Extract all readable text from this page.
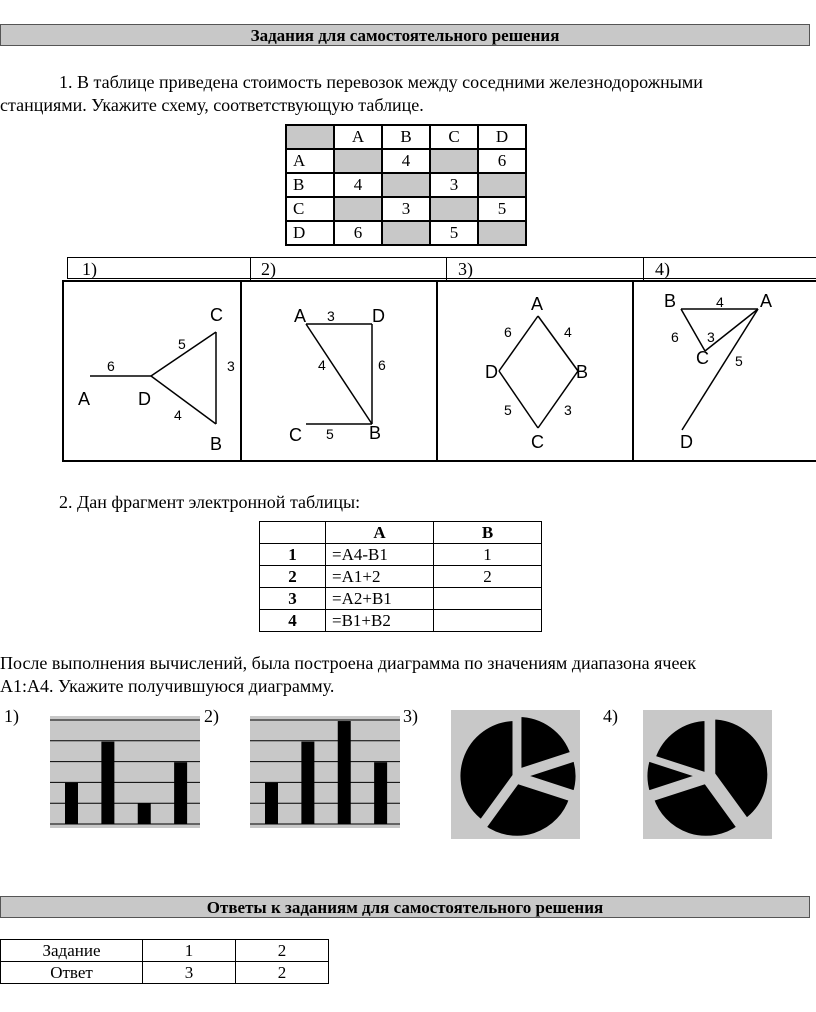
Задания для самостоятельного решения
1. В таблице приведена стоимость перевозок между соседними железнодорожными
станциями. Укажите схему, соответствующую таблице.
	A	B	C	D
A		4		6
B	4		3	
C		3		5
D	6		5	
1)	2)	3)	4)
A	D
C
B
6
5
3
4
A	D
C	B
3
4	6
5
A
D	B
C
6	4
5	3
B	A
C
D
4
6 3
5
2. Дан фрагмент электронной таблицы:
	A	B
1	=A4-B1	1
2	=A1+2	2
3	=A2+B1	
4	=B1+B2	
После выполнения вычислений, была построена диаграмма по значениям диапазона ячеек
A1:A4. Укажите получившуюся диаграмму.
1)	2)	3)	4)
Ответы к заданиям для самостоятельного решения
Задание	1	2
Ответ	3	2
